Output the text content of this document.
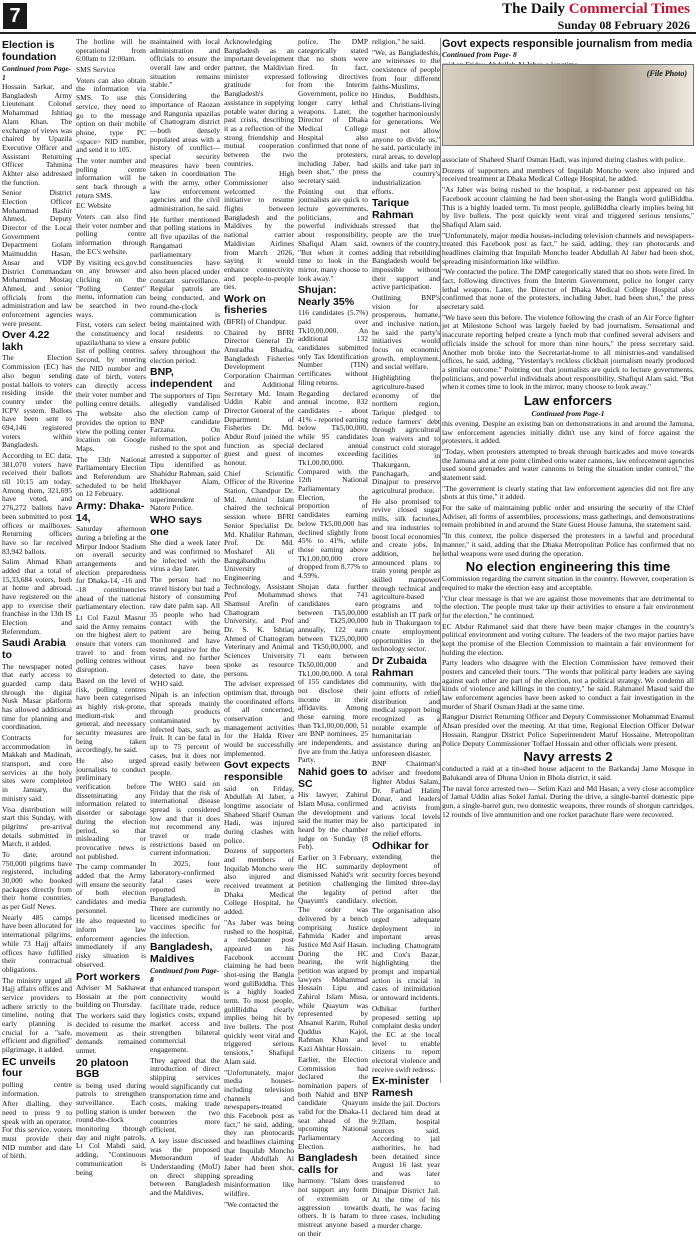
7	The Daily Commercial Times
Sunday 08 February 2026
Election is foundation
Continued from Page-1

Hossain Sarkar, and Bangladesh Army Lieutenant Colonel Mohammad Ishtiaq Alam Khan. The exchange of views was chaired by Upazila Executive Officer and Assistant Returning Officer Tahmina Akhter also addressed the function.

Senior District Election Officer Mohammad Bashir Ahmed, Deputy Director of the Local Government Department Golam Maimuddin Hasan, Ansar and VDP District Commandant Mohammad Mostaq Ahmed, and senior officials from the administration and law enforcement agencies were present.

Over 4.22 lakh

The Election Commission (EC) has also begun sending postal ballots to voters residing inside the country under the ICPV system. Ballots have been sent to 694,146 registered voters within Bangladesh.

According to EC data, 381,070 voters have received their ballots till 10:15 am today. Among them, 321,695 have voted, and 276,272 ballots have been submitted to post offices or mailboxes. Returning officers have so far received 83,942 ballots.

Salim Ahmad Khan added that a total of 15,33,684 voters, both at home and abroad, have registered on the app to exercise their franchise in the 13th IS Election and Referendum.

Saudi Arabia to

The newspaper noted that early access to guarded camp data through the digital Nusk Masar platform has allowed additional time for planning and coordination.

Contracts for accommodation in Makkah and Madinah, transport, and core services at the holy sites were completed in January, the ministry said.

Visa distribution will start this Sunday, with pilgrims' pre-arrival details submitted in March, it added.

To date, around 750,000 pilgrims have registered, including 30,000 who booked packages directly from their home countries, as per Gulf News.

Nearly 485 camps have been allocated for international pilgrims, while 73 Hajj affairs offices have fulfilled their contractual obligations.

The ministry urged all Hajj affairs offices and service providers to adhere strictly to the timeline, noting that early planning is crucial for a "safe, efficient and dignified" pilgrimage, it added.

EC unveils four

polling centre information.

After dialling, they need to press 9 to speak with an operator. For this service, voters must provide their NID number and date of birth.

The hotline will be operational from 6:00am to 12:00am.

SMS Service

Voters can also obtain the information via SMS. To use this service, they need to go to the message option on their mobile phone, type PC <space> NID number, and send it to 105.

The voter number and polling centre information will be sent back through a return SMS.

EC Website

Voters can also find their voter number and polling centre information through the EC's website.

By visiting ecs.gov.bd on any browser and clicking on the "Polling Center" menu, information can be searched in two ways.

First, voters can select the constituency and upazila/thana to view a list of polling centres. Second, by entering the NID number and date of birth, voters can directly access their voter number and polling centre details.

The website also provides the option to view the polling center location on Google Maps.

The 13th National Parliamentary Election and Referendum are scheduled to be held on 12 February.

Army: Dhaka-14,

Saturday afternoon during a briefing at the Mirpur Indoor Stadium on overall security arrangements and election preparedness for Dhaka-14, -16 and -18 constituencies ahead of the national parliamentary election.

Lt Col Fazul Masrur said the Army remains on the highest alert to ensure that voters can travel to and from polling centres without disruption.

Based on the level of risk, polling centres have been categorised as highly risk-prone, medium-risk and general, and necessary security measures are being taken accordingly, he said.

He also urged journalists to conduct preliminary verification before disseminating any information related to disorder or sabotage during the election period, so that misleading or provocative news is not published.

The camp commander added that the Army will ensure the security of both election candidates and media personnel.

He also requested to inform law enforcement agencies immediately if any risky situation is observed.

Port workers

Adviser M Sakhawat Hossain at the port building on Thursday.

The workers said they decided to resume the movement as their demands remained unmet.

20 platoon BGB

is being used during patrols to strengthen surveillance. Each polling station is under round-the-clock monitoring through day and night patrols, Lt Col Mahdi said, adding, "Continuous communication is being

maintained with local administration and officials to ensure the overall law and order situation remains stable."

Considering the importance of Raozan and Rangunia upazilas of Chattogram district—both densely populated areas with a history of conflict—special security measures have been taken in coordination with the army, other law enforcement agencies and the civil administration, he said.

He further mentioned that polling stations in all five upazilas of the Rangamati parliamentary constituencies have also been placed under constant surveillance. Regular patrols are being conducted, and round-the-clock communication is being maintained with local residents to ensure public

safety throughout the election period.

BNP, independent

The supporters of Tipu allegedly vandalised the election camp of BNP candidate Farzana. On information, police rushed to the spot and arrested a supporter of Tipu identified as Shahidur Rahman, said Iftekhayer Alam, additional superintendent of Natore Police.

WHO says one

She died a week later and was confirmed to be infected with the virus a day later.

The person had no travel history but had a history of consuming raw date palm sap. All 35 people who had contact with the patient are being monitored and have tested negative for the virus, and no further cases have been detected to date, the WHO said.

Nipah is an infection that spreads mainly through products contaminated by infected bats, such as fruit. It can be fatal in up to 75 percent of cases, but it does not spread easily between people.

The WHO said on Friday that the risk of international disease spread is considered low and that it does not recommend any travel or trade restrictions based on current information.

In 2025, four laboratory-confirmed fatal cases were reported in Bangladesh.

There are currently no licensed medicines or vaccines specific for the infection.

Bangladesh, Maldives
Continued from Page-8

that enhanced transport connectivity would facilitate trade, reduce logistics costs, expand market access and strengthen bilateral commercial engagement.

They agreed that the introduction of direct shipping services would significantly cut transportation time and costs, making trade between the two countries more efficient.

A key issue discussed was the proposed Memorandum of Understanding (MoU) on direct shipping between Bangladesh and the Maldives.

Acknowledging Bangladesh as an important development partner, the Maldivian minister expressed gratitude for Bangladesh's assistance in supplying potable water during a past crisis, describing it as a reflection of the strong friendship and mutual cooperation between the two countries.

The High Commissioner also welcomed the initiative to resume flights between Bangladesh and the Maldives by the national carrier Maldivian Airlines from March 2026, saying it would enhance connectivity and people-to-people ties.

Work on fisheries

(BFRI) of Chandpur.

Chaired by BFRI Director General Dr Anuradha Bhadra, Bangladesh Fisheries Development Corporation Chairman and Additional Secretary Md. Imam Uddin Kabir and Director General of the Department of Fisheries Dr. Md. Abdur Rouf joined the function as special guest and guest of honour.

Chief Scientific Officer of the Riverine Station, Chandpur Dr. Md. Amirul Islam chaired the technical session where BFRI Senior Specialist Dr. Md. Khalilur Rahman, Prof. Dr. Md. Mosharef Ali of Bangabandhu University of Engineering and Technology, Assistant Prof Mohammad Shamsul Arefin of Chattogram University, and Prof Dr. S. K. Ishtiaq Ahmed of Chattogram Veterinary and Animal Sciences University spoke as resource persons.

The adviser expressed optimism that, through the coordinated efforts of all concerned, conservation and management activities for the Halda River would be successfully implemented.

Govt expects responsible

said on Friday, Abdullah Al Jaber, a longtime associate of Shaheed Sharif Osman Hadi, was injured during clashes with police.

Dozens of supporters and members of Inquilab Moncho were also injured and received treatment at Dhaka Medical College Hospital, he added.

"As Jaber was being rushed to the hospital, a red-banner post appeared on his Facebook account claiming he had been shot-using the Bangla word guliBiddha. This is a highly loaded term. To most people, guliBiddha clearly implies being hit by live bullets. The post quickly went viral and triggered serious tensions," Shafiqul Alam said.

"Unfortunately, major media houses-including television channels and newspapers-treated this Facebook post as fact," he said, adding, they ran photocards and headlines claiming that Inquilab Moncho leader Abdullah Al Jaber had been shot, spreading misinformation like wildfire.

"We contacted the

police. The DMP categorically stated that no shots were fired. In fact, following directives from the Interim Government, police no longer carry lethal weapons. Later, the Director of Dhaka Medical College Hospital also confirmed that none of the protesters, including Jaber, had been shot," the press secretary said.

Pointing out that journalists are quick to lecture governments, politicians, and powerful individuals about responsibility, Shafiqul Alam said, "But when it comes time to look in the mirror, many choose to look away."

Shujan: Nearly 35%

116 candidates (5.7%) paid over Tk10,00,000. An additional 132 candidates submitted only Tax Identification Number (TIN) certificates without filing returns.

Regarding declared annual income, 832 candidates - about 41% - reported earning below Tk5,00,000, while 95 candidates declared annual incomes exceeding Tk1,00,00,000. Compared with the 12th National Parliamentary Election, the proportion of candidates earning below Tk5,00,000 has declined slightly from 45% to 41%, while those earning above Tk1,00,00,000 crore dropped from 8.77% to 4.59%.

Shujan data further shows that 741 candidates earn between Tk5,00,000 and Tk25,00,000 annually, 122 earn between Tk25,00,000 and Tk50,00,000, and 71 earn between Tk50,00,000 and Tk1,00,00,000. A total of 155 candidates did not disclose their income in their affidavits. Among those earning more than Tk1,00,00,000, 51 are BNP nominees, 25 are independents, and five are from the Jatiya Party.

Nahid goes to SC

His lawyer, Zahirul Islam Musa, confirmed the development and said the matter may be heard by the chamber judge on Sunday (8 Feb).

Earlier on 3 February, the HC summarily dismissed Nahid's writ petition challenging the legality of Quayum's candidacy. The order was delivered by a bench comprising Justice Fahmida Kader and Justice Md Asif Hasan. During the HC hearing, the writ petition was argued by lawyers Mohammad Hossain Lipu and Zahirul Islam Musa, while Quayum was represented by Ahsanul Karim, Ruhul Quddus Kajol, Rahman Khan and Kazi Akhtar Hossain.

Earlier, the Election Commission had declared the nomination papers of both Nahid and BNP candidate Quayum valid for the Dhaka-11 seat ahead of the upcoming National Parliamentary Election.

Bangladesh calls for

harmony. "Islam does not support any form of extremism or aggression towards others. It is haram to mistreat anyone based on their

religion," he said.

"We, as Bangladeshis, are witnesses to the coexistence of people from four different faiths-Muslims, Hindus, Buddhists, and Christians-living together harmoniously for generations. We must not allow anyone to divide us," he said, particularly in rural areas, to develop skills and take part in the country's industrialization efforts.

Tarique Rahman

stressed that the people are the true owners of the country, adding that rebuilding Bangladesh would be impossible without their support and active participation.

Outlining BNP's vision for a prosperous, humane, and inclusive nation, he said the party's initiatives would focus on economic growth, employment, and social welfare.

Highlighting the agriculture-based economy of the northern region, Tarique pledged to reduce farmers' debt through agricultural loan waivers and to construct cold storage facilities in Thakurgaon, Panchagarh, and Dinajpur to preserve agricultural produce.

He also promised to revive closed sugar mills, silk factories, and tea industries to boost local economies and create jobs. In addition, he announced plans to train young people as skilled manpower through technical and agriculture-based programs and to establish an IT park or hub in Thakurgaon to create employment opportunities in the technology sector.

Dr Zubaida Rahman

community, with the joint efforts of relief distribution and medical support being recognized as a notable example of humanitarian assistance during an unforeseen disaster.

BNP Chairman's adviser and freedom fighter Abdus Salam, Dr. Farhad Halim Donar, and leaders and activists from various local levels also participated in the relief efforts.

Odhikar for

extending the deployment of security forces beyond the limited three-day period after the election.

The organisation also urged adequate deployment in important areas including Chattogram and Cox's Bazar, highlighting the prompt and impartial action is crucial in cases of intimidation or untoward incidents.

Odhikar further proposed setting up complaint desks under the EC at the local level to enable citizens to report electoral violence and receive swift redress.

Ex-minister Ramesh

inside the jail. Doctors declared him dead at 9:20am, hospital sources said. According to jail authorities, he had been detained since August 16 last year and was later transferred to Dinajpur District Jail. At the time of his death, he was facing three cases, including a murder charge.

Govt expects responsible journalism from media
Continued from Page- 8

associate of Shaheed Sharif Osman Hadi, was injured during clashes with police.

Dozens of supporters and members of Inquilab Moncho were also injured and received treatment at Dhaka Medical College Hospital, he added.

"As Jaber was being rushed to the hospital, a red-banner post appeared on his Facebook account claiming he had been shot-using the Bangla word guliBiddha. This is a highly loaded term. To most people, guliBiddha clearly implies being hit by live bullets. The post quickly went viral and triggered serious tensions," Shafiqul Alam said.

"Unfortunately, major media houses-including television channels and newspapers-treated this Facebook post as fact," he said, adding, they ran photocards and headlines claiming that Inquilab Moncho leader Abdullah Al Jaber had been shot, spreading misinformation like wildfire.

"We contacted the police. The DMP categorically stated that no shots were fired. In fact, following directives from the Interim Government, police no longer carry lethal weapons. Later, the Director of Dhaka Medical College Hospital also confirmed that none of the protesters, including Jaber, had been shot," the press secretary said.

"We have seen this before. The violence following the crash of an Air Force fighter jet at Milestone School was largely fueled by bad journalism. Sensational and inaccurate reporting helped create a lynch mob that confined several advisers and officials inside the school for more than nine hours," the press secretary said. Another mob broke into the Secretariat-home to all ministries-and vandalised offices, he said, adding, "Yesterday's reckless clickbait journalism nearly produced a similar outcome." Pointing out that journalists are quick to lecture governments, politicians, and powerful individuals about responsibility, Shafiqul Alam said, "But when it comes time to look in the mirror, many choose to look away."

Law enforcers
Continued from Page-1

this evening. Despite an existing ban on demonstrations in and around the Jamuna, law enforcement agencies initially didn't use any kind of force against the protesters, it added.

"Today, when protesters attempted to break through barricades and move towards the Jamuna and at one point climbed onto water cannons, law enforcement agencies used sound grenades and water cannons to bring the situation under control," the statement said.

"The government is clearly stating that law enforcement agencies did not fire any shots at this time," it added.

For the sake of maintaining public order and ensuring the security of the Chief Adviser, all forms of assemblies, processions, mass gatherings, and demonstrations remain prohibited in and around the State Guest House Jamuna, the statement said.

"In this context, the police dispersed the protesters in a lawful and procedural manner," it said, adding that the Dhaka Metropolitan Police has confirmed that no lethal weapons were used during the operation.

No election engineering this time

Commission regarding the current situation in the country. However, cooperation is required to make the election easy and acceptable.

"Our clear message is that we are against those movements that are detrimental to the election. The people must take up their activities to ensure a fair environment for the election," he continued.

EC Abdur Rahmanel said that there have been major changes in the country's political environment and voting culture. The leaders of the two major parties have kept the promise of the Election Commission to maintain a fair environment for holding the election.

Party leaders who disagree with the Election Commission have removed their posters and canceled their tours. "The words that political party leaders are saying against each other are part of the election, not a political strategy. We condemn all kinds of violence and killings in the country," he said. Rahmanel Masud said the law enforcement agencies have been asked to conduct a fair investigation in the murder of Sharif Osman Hadi at the same time.

Rangpur District Returning Officer and Deputy Commissioner Mohammad Enamul Ahsan presided over the meeting. At that time, Regional Election Officer Delwar Hossain, Rangpur District Police Superintendent Maruf Hossaine, Metropolitan Police Deputy Commissioner Toffael Hossain and other officials were present.

Navy arrests 2

conducted a raid at a tin-shed house adjacent to the Barkandaj Jame Mosque in Balukandi area of Dhuna Union in Bhola district, it said.

The naval force arrested two— Selim Kazi and Md Hasan, a very close accomplice of Jamal Uddin alias Sokel Jamal. During the drive, a single-barrel domestic pipe gun, a single-barrel gun, two domestic weapons, three rounds of shotgun cartridges, 12 rounds of live ammunition and one rocket parachute flare were recovered.

(File Photo)
